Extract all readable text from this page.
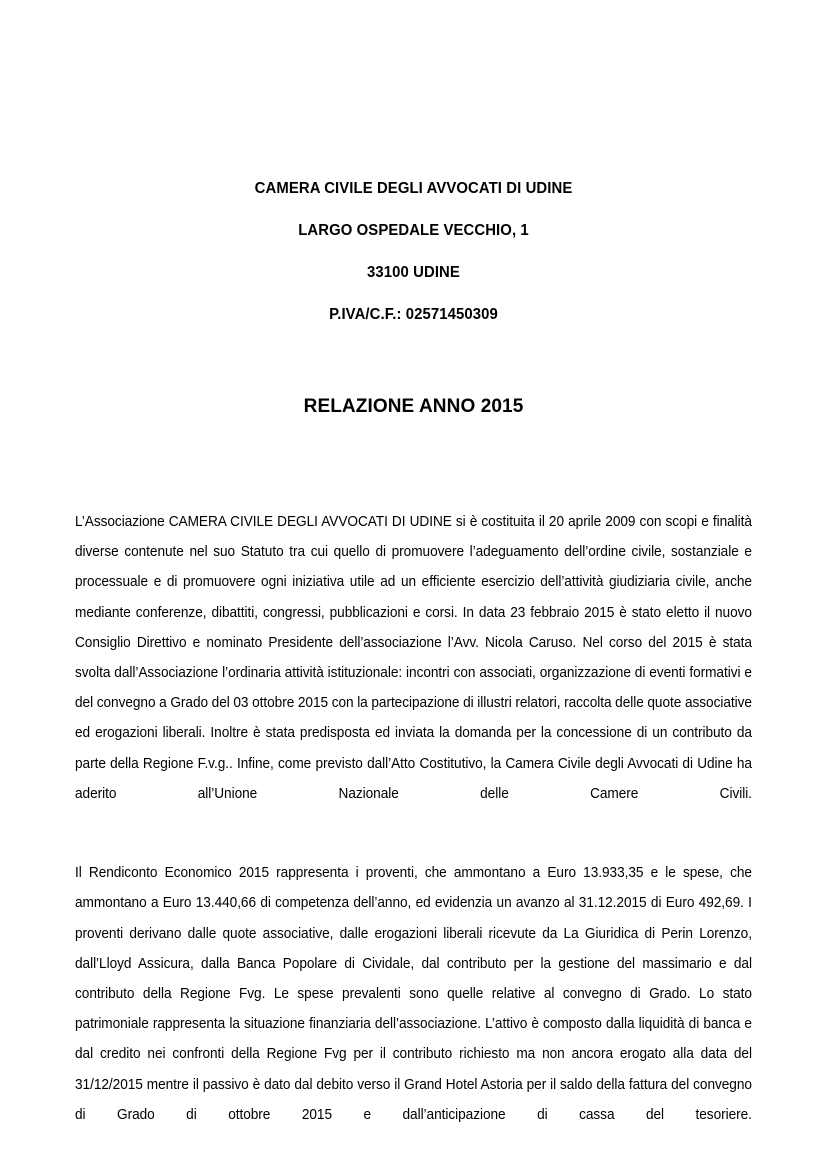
CAMERA CIVILE DEGLI AVVOCATI DI UDINE
LARGO OSPEDALE VECCHIO, 1
33100 UDINE
P.IVA/C.F.: 02571450309
RELAZIONE ANNO 2015

L’Associazione CAMERA CIVILE DEGLI AVVOCATI DI UDINE si è costituita il 20 aprile 2009 con scopi e finalità diverse contenute nel suo Statuto tra cui quello di promuovere l’adeguamento dell’ordine civile, sostanziale e processuale e di promuovere ogni iniziativa utile ad un efficiente esercizio dell’attività giudiziaria civile, anche mediante conferenze, dibattiti, congressi, pubblicazioni e corsi. In data 23 febbraio 2015 è stato eletto il nuovo Consiglio Direttivo e nominato Presidente dell’associazione l’Avv. Nicola Caruso. Nel corso del 2015 è stata svolta dall’Associazione l’ordinaria attività istituzionale: incontri con associati, organizzazione di eventi formativi e del convegno a Grado del 03 ottobre 2015 con la partecipazione di illustri relatori, raccolta delle quote associative ed erogazioni liberali. Inoltre è stata predisposta ed inviata la domanda per la concessione di un contributo da parte della Regione F.v.g.. Infine, come previsto dall’Atto Costitutivo, la Camera Civile degli Avvocati di Udine ha aderito all’Unione Nazionale delle Camere Civili.

Il Rendiconto Economico 2015 rappresenta i proventi, che ammontano a Euro 13.933,35 e le spese, che ammontano a Euro 13.440,66 di competenza dell’anno, ed evidenzia un avanzo al 31.12.2015 di Euro 492,69. I proventi derivano dalle quote associative, dalle erogazioni liberali ricevute da La Giuridica di Perin Lorenzo, dall’Lloyd Assicura, dalla Banca Popolare di Cividale, dal contributo per la gestione del massimario e dal contributo della Regione Fvg. Le spese prevalenti sono quelle relative al convegno di Grado. Lo stato patrimoniale rappresenta la situazione finanziaria dell’associazione. L’attivo è composto dalla liquidità di banca e dal credito nei confronti della Regione Fvg per il contributo richiesto ma non ancora erogato alla data del 31/12/2015 mentre il passivo è dato dal debito verso il Grand Hotel Astoria per il saldo della fattura del convegno di Grado di ottobre 2015 e dall’anticipazione di cassa del tesoriere.
